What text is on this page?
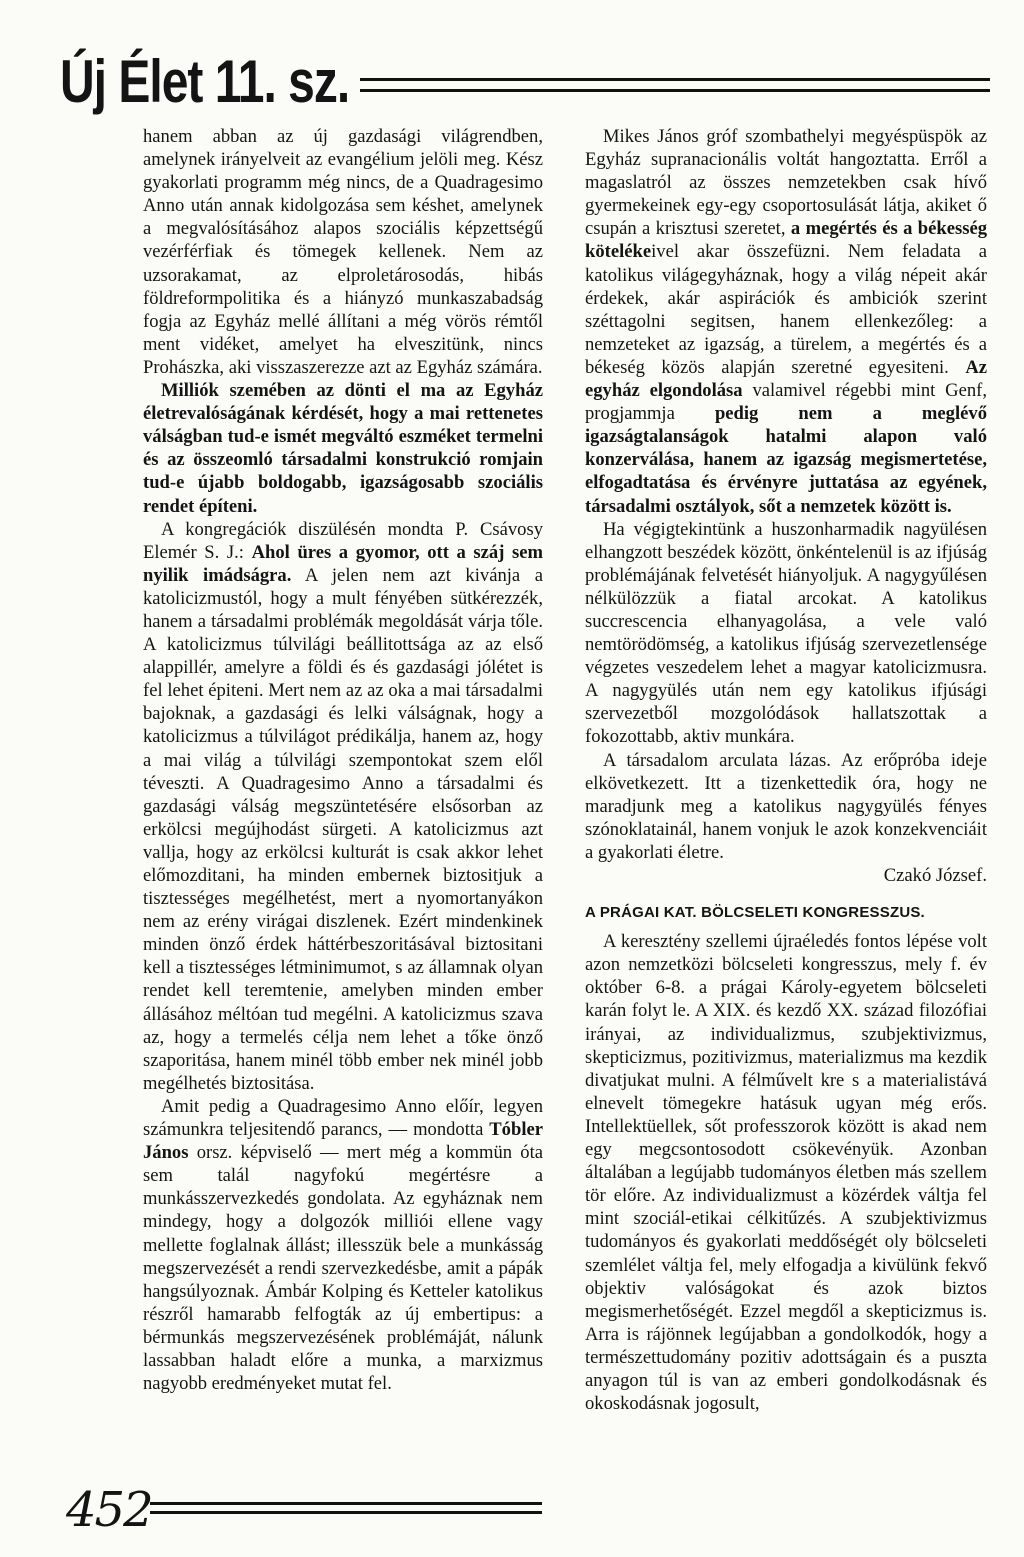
Új Élet 11. sz.

hanem abban az új gazdasági világrendben, amelynek irányelveit az evangélium jelöli meg. Kész gyakorlati programm még nincs, de a Quadragesimo Anno után annak kidolgozása sem késhet, amelynek a megvalósításához alapos szociális képzettségű vezérférfiak és tömegek kellenek. Nem az uzsorakamat, az elproletárosodás, hibás földreformpolitika és a hiányzó munkaszabadság fogja az Egyház mellé állítani a még vörös rémtől ment vidéket, amelyet ha elveszitünk, nincs Prohászka, aki visszaszerezze azt az Egyház számára.

Milliók szemében az dönti el ma az Egyház életrevalóságának kérdését, hogy a mai rettenetes válságban tud-e ismét megváltó eszméket termelni és az összeomló társadalmi konstrukció romjain tud-e újabb boldogabb, igazságosabb szociális rendet építeni.

A kongregációk diszülésén mondta P. Csávosy Elemér S. J.: Ahol üres a gyomor, ott a száj sem nyilik imádságra. A jelen nem azt kivánja a katolicizmustól, hogy a mult fényében sütkérezzék, hanem a társadalmi problémák megoldását várja tőle. A katolicizmus túlvilági beállitottsága az az első alappillér, amelyre a földi és és gazdasági jólétet is fel lehet épiteni. Mert nem az az oka a mai társadalmi bajoknak, a gazdasági és lelki válságnak, hogy a katolicizmus a túlvilágot prédikálja, hanem az, hogy a mai világ a túlvilági szempontokat szem elől téveszti. A Quadragesimo Anno a társadalmi és gazdasági válság megszüntetésére elsősorban az erkölcsi megújhodást sürgeti. A katolicizmus azt vallja, hogy az erkölcsi kulturát is csak akkor lehet előmozditani, ha minden embernek biztositjuk a tisztességes megélhetést, mert a nyomortanyákon nem az erény virágai diszlenek. Ezért mindenkinek minden önző érdek háttérbeszoritásával biztositani kell a tisztességes létminimumot, s az államnak olyan rendet kell teremtenie, amelyben minden ember állásához méltóan tud megélni. A katolicizmus szava az, hogy a termelés célja nem lehet a tőke önző szaporitása, hanem minél több ember nek minél jobb megélhetés biztositása.

Amit pedig a Quadragesimo Anno előír, legyen számunkra teljesitendő parancs, — mondotta Tóbler János orsz. képviselő — mert még a kommün óta sem talál nagyfokú megértésre a munkásszervezkedés gondolata. Az egyháznak nem mindegy, hogy a dolgozók milliói ellene vagy mellette foglalnak állást; illesszük bele a munkásság megszervezését a rendi szervezkedésbe, amit a pápák hangsúlyoznak. Ámbár Kolping és Ketteler katolikus részről hamarabb felfogták az új embertipus: a bérmunkás megszervezésének problémáját, nálunk lassabban haladt előre a munka, a marxizmus nagyobb eredményeket mutat fel.

Mikes János gróf szombathelyi megyéspüspök az Egyház supranacionális voltát hangoztatta. Erről a magaslatról az összes nemzetekben csak hívő gyermekeinek egy-egy csoportosulását látja, akiket ő csupán a krisztusi szeretet, a megértés és a békesség kötelékeivel akar összefüzni. Nem feladata a katolikus világegyháznak, hogy a világ népeit akár érdekek, akár aspirációk és ambiciók szerint széttagolni segitsen, hanem ellenkezőleg: a nemzeteket az igazság, a türelem, a megértés és a békeség közös alapján szeretné egyesiteni. Az egyház elgondolása valamivel régebbi mint Genf, progjammja pedig nem a meglévő igazságtalanságok hatalmi alapon való konzerválása, hanem az igazság megismertetése, elfogadtatása és érvényre juttatása az egyének, társadalmi osztályok, sőt a nemzetek között is.

Ha végigtekintünk a huszonharmadik nagyülésen elhangzott beszédek között, önkéntelenül is az ifjúság problémájának felvetését hiányoljuk. A nagygyűlésen nélkülözzük a fiatal arcokat. A katolikus succrescencia elhanyagolása, a vele való nemtörödömség, a katolikus ifjúság szervezetlensége végzetes veszedelem lehet a magyar katolicizmusra. A nagygyülés után nem egy katolikus ifjúsági szervezetből mozgolódások hallatszottak a fokozottabb, aktiv munkára.

A társadalom arculata lázas. Az erőpróba ideje elkövetkezett. Itt a tizenkettedik óra, hogy ne maradjunk meg a katolikus nagygyülés fényes szónoklatainál, hanem vonjuk le azok konzekvenciáit a gyakorlati életre.

Czakó József.
A PRÁGAI KAT. BÖLCSELETI KONGRESSZUS.

A keresztény szellemi újraéledés fontos lépése volt azon nemzetközi bölcseleti kongresszus, mely f. év október 6-8. a prágai Károly-egyetem bölcseleti karán folyt le. A XIX. és kezdő XX. század filozófiai irányai, az individualizmus, szubjektivizmus, skepticizmus, pozitivizmus, materializmus ma kezdik divatjukat mulni. A félművelt kre s a materialistává elnevelt tömegekre hatásuk ugyan még erős. Intellektüellek, sőt professzorok között is akad nem egy megcsontosodott csökevényük. Azonban általában a legújabb tudományos életben más szellem tör előre. Az individualizmust a közérdek váltja fel mint szociál-etikai célkitűzés. A szubjektivizmus tudományos és gyakorlati meddőségét oly bölcseleti szemlélet váltja fel, mely elfogadja a kivülünk fekvő objektiv valóságokat és azok biztos megismerhetőségét. Ezzel megdől a skepticizmus is. Arra is rájönnek legújabban a gondolkodók, hogy a természettudomány pozitiv adottságain és a puszta anyagon túl is van az emberi gondolkodásnak és okoskodásnak jogosult,

452
